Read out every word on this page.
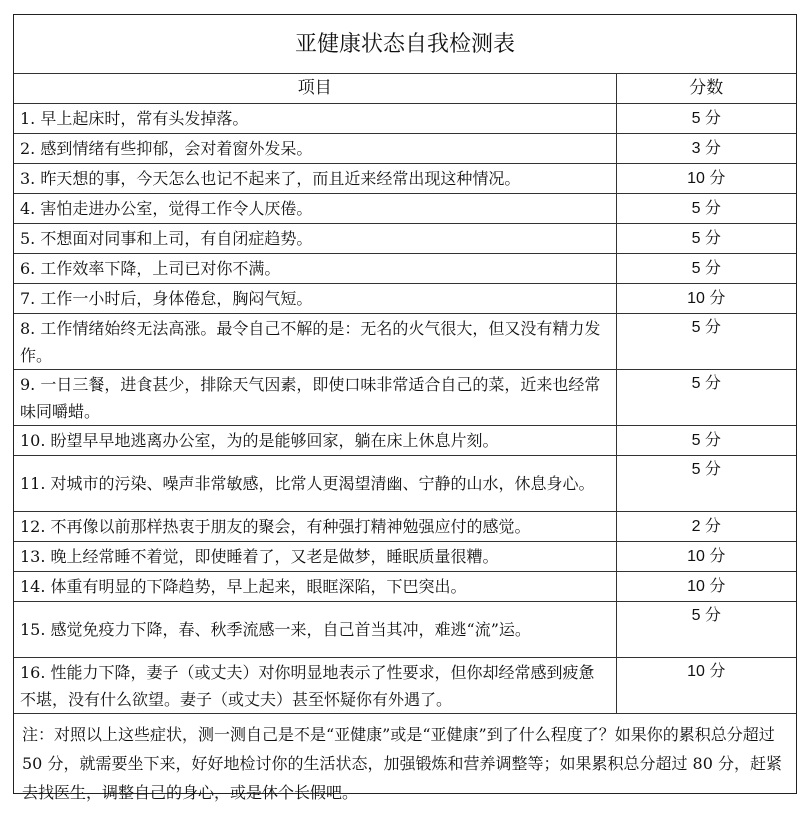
亚健康状态自我检测表	
项目	分数
1. 早上起床时，常有头发掉落。	5 分
2. 感到情绪有些抑郁，会对着窗外发呆。	3 分
3. 昨天想的事，今天怎么也记不起来了，而且近来经常出现这种情况。	10 分
4. 害怕走进办公室，觉得工作令人厌倦。	5 分
5. 不想面对同事和上司，有自闭症趋势。	5 分
6. 工作效率下降，上司已对你不满。	5 分
7. 工作一小时后，身体倦怠，胸闷气短。	10 分
8. 工作情绪始终无法高涨。最令自己不解的是：无名的火气很大，但又没有精力发作。	5 分
9. 一日三餐，进食甚少，排除天气因素，即使口味非常适合自己的菜，近来也经常味同嚼蜡。	5 分
10. 盼望早早地逃离办公室，为的是能够回家，躺在床上休息片刻。	5 分
11. 对城市的污染、噪声非常敏感，比常人更渴望清幽、宁静的山水，休息身心。	5 分
12. 不再像以前那样热衷于朋友的聚会，有种强打精神勉强应付的感觉。	2 分
13. 晚上经常睡不着觉，即使睡着了，又老是做梦，睡眠质量很糟。	10 分
14. 体重有明显的下降趋势，早上起来，眼眶深陷，下巴突出。	10 分
15. 感觉免疫力下降，春、秋季流感一来，自己首当其冲，难逃“流”运。	5 分
16. 性能力下降，妻子（或丈夫）对你明显地表示了性要求，但你却经常感到疲惫不堪，没有什么欲望。妻子（或丈夫）甚至怀疑你有外遇了。	10 分
注：对照以上这些症状，测一测自己是不是“亚健康”或是“亚健康”到了什么程度了？如果你的累积总分超过 50 分，就需要坐下来，好好地检讨你的生活状态，加强锻炼和营养调整等；如果累积总分超过 80 分，赶紧去找医生，调整自己的身心，或是休个长假吧。	
